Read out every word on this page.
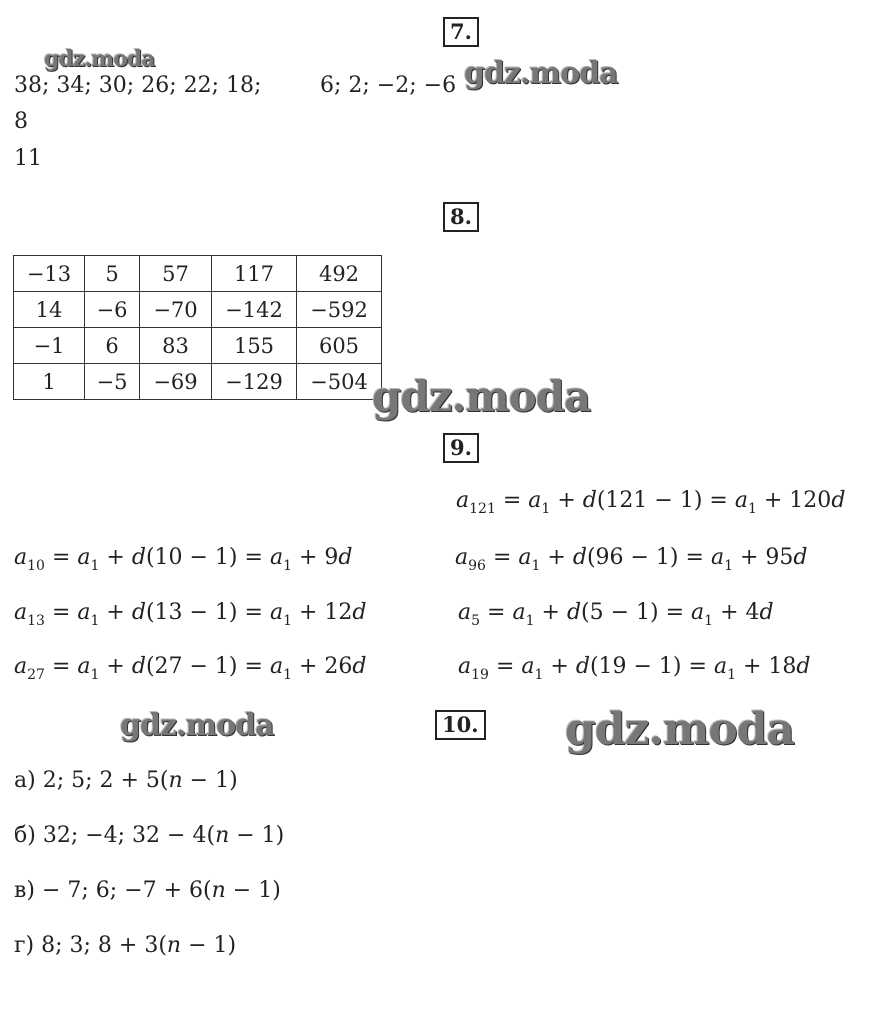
7.
38; 34; 30; 26; 22; 18;	6; 2; −2; −6
8
11
gdz.moda	gdz.moda
8.
−13	5	57	117	492
14	−6	−70	−142	−592
−1	6	83	155	605
1	−5	−69	−129	−504 gdz.moda
9.
$a_{121} = a_1 + d(121 - 1) = a_1 + 120d$
$a_{10} = a_1 + d(10 - 1) = a_1 + 9d$	$a_{96} = a_1 + d(96 - 1) = a_1 + 95d$
$a_{13} = a_1 + d(13 - 1) = a_1 + 12d$	$a_5 = a_1 + d(5 - 1) = a_1 + 4d$
$a_{27} = a_1 + d(27 - 1) = a_1 + 26d$	$a_{19} = a_1 + d(19 - 1) = a_1 + 18d$
gdz.moda	10. gdz.moda
а) 2; 5; 2 + 5(n − 1)
б) 32; −4; 32 − 4(n − 1)
в) − 7; 6; −7 + 6(n − 1)
г) 8; 3; 8 + 3(n − 1)
